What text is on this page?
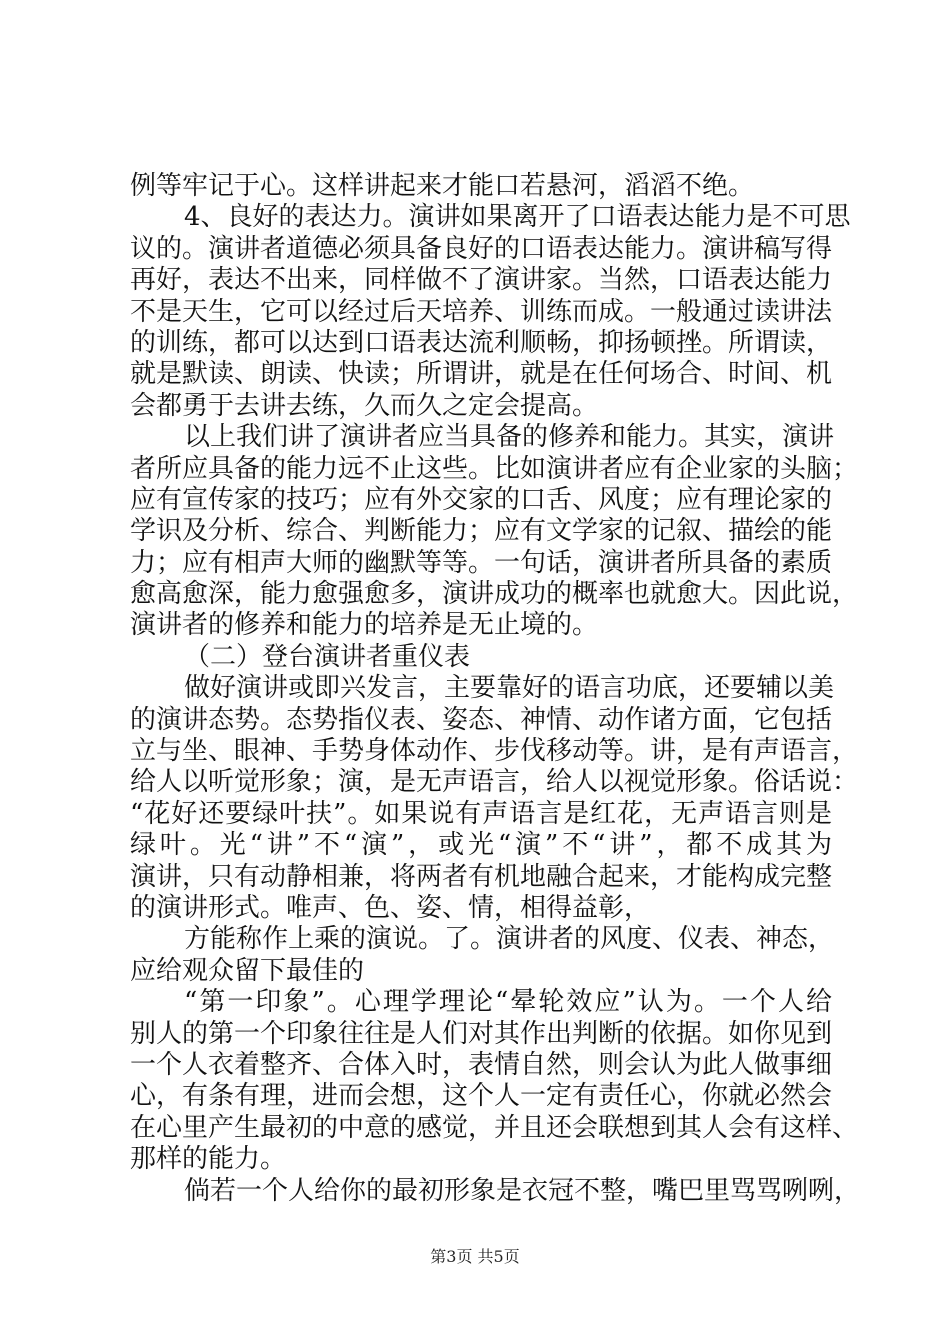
例等牢记于心。这样讲起来才能口若悬河，滔滔不绝。
4、良好的表达力。演讲如果离开了口语表达能力是不可思
议的。演讲者道德必须具备良好的口语表达能力。演讲稿写得
再好，表达不出来，同样做不了演讲家。当然，口语表达能力
不是天生，它可以经过后天培养、训练而成。一般通过读讲法
的训练，都可以达到口语表达流利顺畅，抑扬顿挫。所谓读，
就是默读、朗读、快读；所谓讲，就是在任何场合、时间、机
会都勇于去讲去练，久而久之定会提高。
以上我们讲了演讲者应当具备的修养和能力。其实，演讲
者所应具备的能力远不止这些。比如演讲者应有企业家的头脑；
应有宣传家的技巧；应有外交家的口舌、风度；应有理论家的
学识及分析、综合、判断能力；应有文学家的记叙、描绘的能
力；应有相声大师的幽默等等。一句话，演讲者所具备的素质
愈高愈深，能力愈强愈多，演讲成功的概率也就愈大。因此说，
演讲者的修养和能力的培养是无止境的。
（二）登台演讲者重仪表
做好演讲或即兴发言，主要靠好的语言功底，还要辅以美
的演讲态势。态势指仪表、姿态、神情、动作诸方面，它包括
立与坐、眼神、手势身体动作、步伐移动等。讲，是有声语言，
给人以听觉形象；演，是无声语言，给人以视觉形象。俗话说：
“花好还要绿叶扶”。如果说有声语言是红花，无声语言则是
绿叶。光“讲”不“演”，或光“演”不“讲”，都不成其为
演讲，只有动静相兼，将两者有机地融合起来，才能构成完整
的演讲形式。唯声、色、姿、情，相得益彰，
方能称作上乘的演说。了。演讲者的风度、仪表、神态，
应给观众留下最佳的
“第一印象”。心理学理论“晕轮效应”认为。一个人给
别人的第一个印象往往是人们对其作出判断的依据。如你见到
一个人衣着整齐、合体入时，表情自然，则会认为此人做事细
心，有条有理，进而会想，这个人一定有责任心，你就必然会
在心里产生最初的中意的感觉，并且还会联想到其人会有这样、
那样的能力。
倘若一个人给你的最初形象是衣冠不整，嘴巴里骂骂咧咧，
第3页 共5页
